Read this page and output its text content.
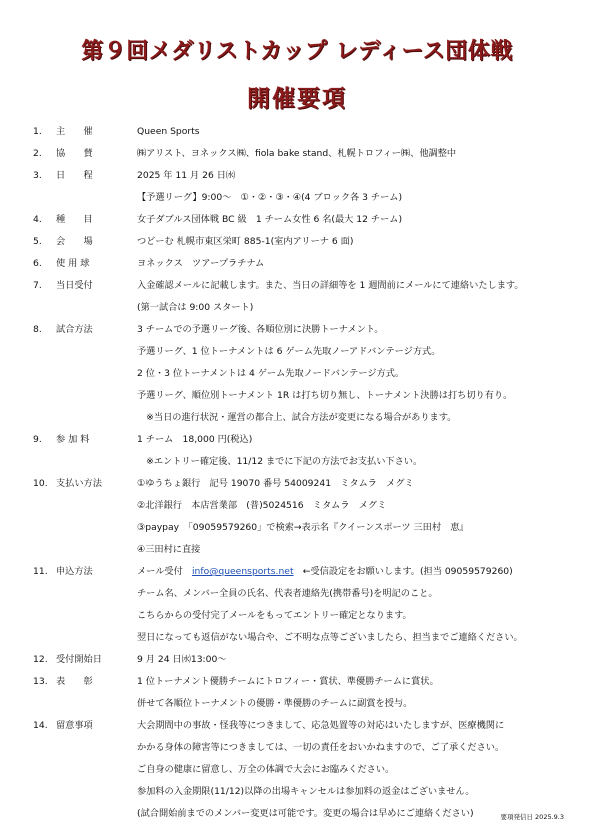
第９回メダリストカップ レディース団体戦
開催要項
1. 主　　催	Queen Sports
2. 協　　賛	㈱アリスト、ヨネックス㈱、fiola bake stand、札幌トロフィー㈱、他調整中
3. 日　　程	2025 年 11 月 26 日㈬
【予選リーグ】9:00～　①・②・③・④(4 ブロック各 3 チーム)
4. 種　　目	女子ダブルス団体戦 BC 級　1 チーム女性 6 名(最大 12 チーム)
5. 会　　場	つどーむ 札幌市東区栄町 885-1(室内アリーナ 6 面)
6. 使 用 球	ヨネックス　ツアープラチナム
7. 当日受付	入金確認メールに記載します。また、当日の詳細等を 1 週間前にメールにて連絡いたします。
(第一試合は 9:00 スタート)
8. 試合方法	3 チームでの予選リーグ後、各順位別に決勝トーナメント。
予選リーグ、1 位トーナメントは 6 ゲーム先取ノーアドバンテージ方式。
2 位・3 位トーナメントは 4 ゲーム先取ノードバンテージ方式。
予選リーグ、順位別トーナメント 1R は打ち切り無し、トーナメント決勝は打ち切り有り。
　※当日の進行状況・運営の都合上、試合方法が変更になる場合があります。
9. 参 加 料	1 チーム　18,000 円(税込)
　※エントリー確定後、11/12 までに下記の方法でお支払い下さい。
10. 支払い方法	①ゆうちょ銀行　記号 19070 番号 54009241　ミタムラ　メグミ
②北洋銀行　本店営業部　(普)5024516　ミタムラ　メグミ
③paypay　「09059579260」で検索→表示名『クイーンスポーツ 三田村　恵』
④三田村に直接
11. 申込方法	メール受付　 info@queensports.net　 ←受信設定をお願いします。(担当 09059579260)
チーム名、メンバー全員の氏名、代表者連絡先(携帯番号)を明記のこと。
こちらからの受付完了メールをもってエントリー確定となります。
翌日になっても返信がない場合や、ご不明な点等ございましたら、担当までご連絡ください。
12. 受付開始日	9 月 24 日㈬13:00～
13. 表　　彰	1 位トーナメント優勝チームにトロフィー・賞状、準優勝チームに賞状。
併せて各順位トーナメントの優勝・準優勝のチームに副賞を授与。
14. 留意事項	大会期間中の事故・怪我等につきまして、応急処置等の対応はいたしますが、医療機関に
かかる身体の障害等につきましては、一切の責任をおいかねますので、ご了承ください。
ご自身の健康に留意し、万全の体調で大会にお臨みください。
参加料の入金期限(11/12)以降の出場キャンセルは参加料の返金はございません。
(試合開始前までのメンバー変更は可能です。変更の場合は早めにご連絡ください)	要項発信日 2025.9.3
